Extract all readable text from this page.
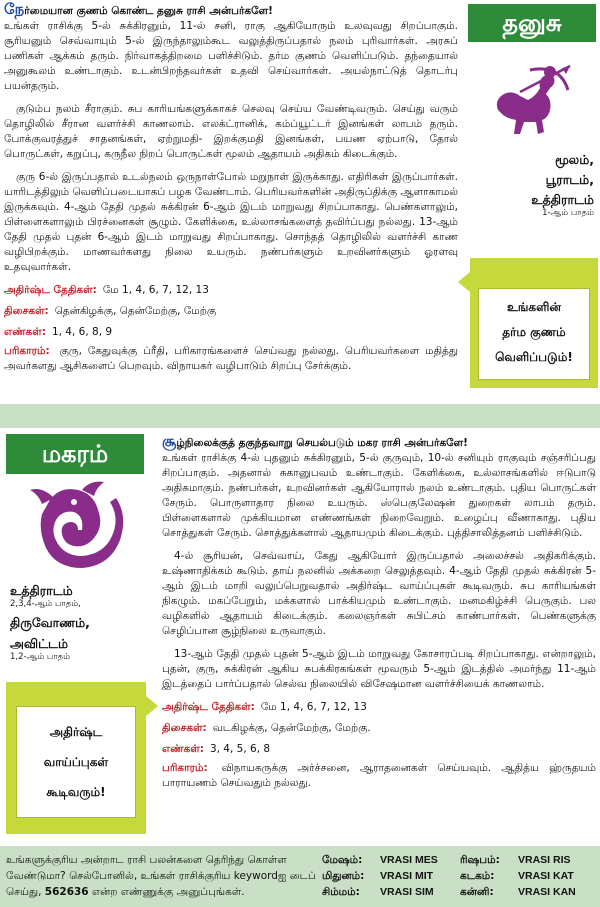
நேர்மையான குணம் கொண்ட தனுசு ராசி அன்பர்களே!
உங்கள் ராசிக்கு 5-ல் சுக்கிரனும், 11-ல் சனி, ராகு ஆகியோரும் உலவுவது சிறப்பாகும். சூரியனும் செவ்வாயும் 5-ல் இருந்தாலும்கூட வலுத்திருப்பதால் நலம் புரிவார்கள். அரசுப் பணிகள் ஆக்கம் தரும். நிர்வாகத்திறமை பளிச்சிடும். தர்ம குணம் வெளிப்படும். தந்தையால் அனுகூலம் உண்டாகும். உடன்பிறந்தவர்கள் உதவி செய்வார்கள். அயல்நாட்டுத் தொடர்பு பயன்தரும்.

குடும்ப நலம் சீராகும். சுப காரியங்களுக்காகச் செலவு செய்ய வேண்டிவரும். செய்து வரும் தொழிலில் சீரான வளர்ச்சி காணலாம். எலக்ட்ரானிக், கம்ப்யூட்டர் இனங்கள் லாபம் தரும். போக்குவரத்துச் சாதனங்கள், ஏற்றுமதி- இறக்குமதி இனங்கள், பயண ஏற்பாடு, தோல் பொருட்கள், கறுப்பு, கருநீல நிறப் பொருட்கள் மூலம் ஆதாயம் அதிகம் கிடைக்கும்.

குரு 6-ல் இருப்பதால் உடல்நலம் ஒருநாள்போல் மறுநாள் இருக்காது. எதிரிகள் இருப்பார்கள். யாரிடத்திலும் வெளிப்படையாகப் பழக வேண்டாம். பெரியவர்களின் அதிருப்திக்கு ஆளாகாமல் இருக்கவும். 4-ஆம் தேதி முதல் சுக்கிரன் 6-ஆம் இடம் மாறுவது சிறப்பாகாது. பெண்களாலும், பிள்ளைகளாலும் பிரச்னைகள் சூழும். கேளிக்கை, உல்லாசங்களைத் தவிர்ப்பது நல்லது. 13-ஆம் தேதி முதல் புதன் 6-ஆம் இடம் மாறுவது சிறப்பாகாது. சொந்தத் தொழிலில் வளர்ச்சி காண வழிபிறக்கும். மாணவர்களது நிலை உயரும். நண்பர்களும் உறவினர்களும் ஓரளவு உதவுவார்கள்.

அதிர்ஷ்ட தேதிகள்: மே 1, 4, 6, 7, 12, 13
திசைகள்: தென்கிழக்கு, தென்மேற்கு, மேற்கு
எண்கள்: 1, 4, 6, 8, 9

பரிகாரம்: குரு, கேதுவுக்கு ப்ரீதி, பரிகாரங்களைச் செய்வது நல்லது. பெரியவர்களை மதித்து அவர்களது ஆசிகளைப் பெறவும். விநாயகர் வழிபாடும் சிறப்பு சேர்க்கும்.

தனுசு
மூலம்,
பூராடம்,
உத்திராடம்
1-ஆம் பாதம்
உங்களின்
தர்ம குணம்
வெளிப்படும்!
மகரம்
உத்திராடம்
2,3,4-ஆம் பாதம்,
திருவோணம்,
அவிட்டம்
1,2-ஆம் பாதம்
அதிர்ஷ்ட
வாய்ப்புகள்
கூடிவரும்!

சூழ்நிலைக்குத் தகுந்தவாறு செயல்படும் மகர ராசி அன்பர்களே!
உங்கள் ராசிக்கு 4-ல் புதனும் சுக்கிரனும், 5-ல் குருவும், 10-ல் சனியும் ராகுவும் சஞ்சரிப்பது சிறப்பாகும். அதனால் சுகானுபவம் உண்டாகும். கேளிக்கை, உல்லாசங்களில் ஈடுபாடு அதிகமாகும். நண்பர்கள், உறவினர்கள் ஆகியோரால் நலம் உண்டாகும். புதிய பொருட்கள் சேரும். பொருளாதார நிலை உயரும். ஸ்பெகுலேஷன் துறைகள் லாபம் தரும். பிள்ளைகளால் முக்கியமான எண்ணங்கள் நிறைவேறும். உழைப்பு வீணாகாது. புதிய சொத்துகள் சேரும். சொத்துக்களால் ஆதாயமும் கிடைக்கும். புத்திசாலித்தனம் பளிச்சிடும்.

4-ல் சூரியன், செவ்வாய், கேது ஆகியோர் இருப்பதால் அலைச்சல் அதிகரிக்கும். உஷ்ணாதிக்கம் கூடும். தாய் நலனில் அக்கறை செலுத்தவும். 4-ஆம் தேதி முதல் சுக்கிரன் 5-ஆம் இடம் மாறி வலுப்பெறுவதால் அதிர்ஷ்ட வாய்ப்புகள் கூடிவரும். சுப காரியங்கள் நிகழும். மகப்பேறும், மக்களால் பாக்கியமும் உண்டாகும். மனமகிழ்ச்சி பெருகும். பல வழிகளில் ஆதாயம் கிடைக்கும். கலைஞர்கள் சுபிட்சம் காண்பார்கள். பெண்களுக்கு செழிப்பான சூழ்நிலை உருவாகும்.

13-ஆம் தேதி முதல் புதன் 5-ஆம் இடம் மாறுவது கோசாரப்படி சிறப்பாகாது. என்றாலும், புதன், குரு, சுக்கிரன் ஆகிய சுபக்கிரகங்கள் மூவரும் 5-ஆம் இடத்தில் அமர்ந்து 11-ஆம் இடத்தைப் பார்ப்பதால் செல்வ நிலையில் விசேஷமான வளர்ச்சியைக் காணலாம்.

அதிர்ஷ்ட தேதிகள்: மே 1, 4, 6, 7, 12, 13
திசைகள்: வடகிழக்கு, தென்மேற்கு, மேற்கு.
எண்கள்: 3, 4, 5, 6, 8

பரிகாரம்: விநாயகருக்கு அர்ச்சனை, ஆராதனைகள் செய்யவும். ஆதித்ய ஹ்ருதயம் பாராயணம் செய்வதும் நல்லது.

உங்களுக்குரிய அன்றாட ராசி பலன்களை தெரிந்து கொள்ள வேண்டுமா? செல்போனில், உங்கள் ராசிக்குரிய keywordஐ டைப் செய்து, 562636 என்ற எண்ணுக்கு அனுப்புங்கள்.
மேஷம்:	VRASI MES ரிஷபம்:	VRASI RIS
மிதுனம்:	VRASI MIT	கடகம்:	VRASI KAT
சிம்மம்:	VRASI SIM	கன்னி:	VRASI KAN
